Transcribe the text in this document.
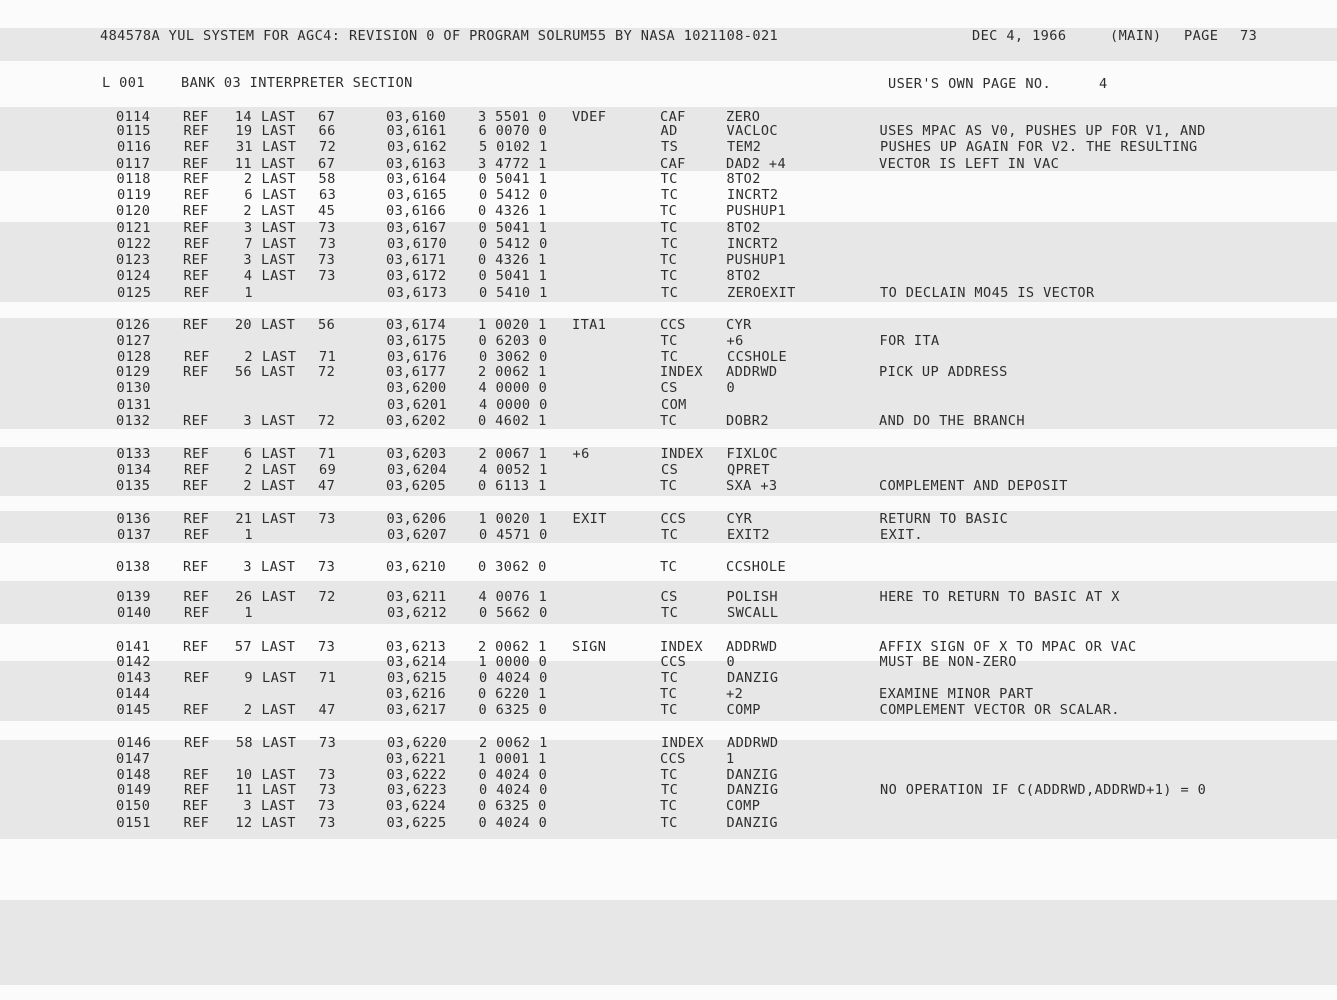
484578A YUL SYSTEM FOR AGC4: REVISION 0 OF PROGRAM SOLRUM55 BY NASA 1021108-021	DEC 4, 1966	(MAIN) PAGE 73
L 001	BANK 03 INTERPRETER SECTION	USER'S OWN PAGE NO.	4
0114 REF	14 LAST 67	03,6160 3 5501 0 VDEF	CAF	ZERO
0115 REF	19 LAST 66	03,6161 6 0070 0	AD	VACLOC	USES MPAC AS V0, PUSHES UP FOR V1, AND
0116 REF	31 LAST 72	03,6162 5 0102 1	TS	TEM2	PUSHES UP AGAIN FOR V2. THE RESULTING
0117 REF	11 LAST 67	03,6163 3 4772 1	CAF	DAD2 +4	VECTOR IS LEFT IN VAC
0118 REF	2 LAST 58	03,6164 0 5041 1	TC	8TO2
0119 REF	6 LAST 63	03,6165 0 5412 0	TC	INCRT2
0120 REF	2 LAST 45	03,6166 0 4326 1	TC	PUSHUP1
0121 REF	3 LAST 73	03,6167 0 5041 1	TC	8TO2
0122 REF	7 LAST 73	03,6170 0 5412 0	TC	INCRT2
0123 REF	3 LAST 73	03,6171 0 4326 1	TC	PUSHUP1
0124 REF	4 LAST 73	03,6172 0 5041 1	TC	8TO2
0125 REF	1	03,6173 0 5410 1	TC	ZEROEXIT	TO DECLAIN MO45 IS VECTOR
0126 REF	20 LAST 56	03,6174 1 0020 1 ITA1	CCS	CYR
0127	03,6175 0 6203 0	TC	+6	FOR ITA
0128 REF	2 LAST 71	03,6176 0 3062 0	TC	CCSHOLE
0129 REF	56 LAST 72	03,6177 2 0062 1	INDEX ADDRWD	PICK UP ADDRESS
0130	03,6200 4 0000 0	CS	0
0131	03,6201 4 0000 0	COM
0132 REF	3 LAST 72	03,6202 0 4602 1	TC	DOBR2	AND DO THE BRANCH
0133 REF	6 LAST 71	03,6203 2 0067 1 +6	INDEX FIXLOC
0134 REF	2 LAST 69	03,6204 4 0052 1	CS	QPRET
0135 REF	2 LAST 47	03,6205 0 6113 1	TC	SXA +3	COMPLEMENT AND DEPOSIT
0136 REF	21 LAST 73	03,6206 1 0020 1 EXIT	CCS	CYR	RETURN TO BASIC
0137 REF	1	03,6207 0 4571 0	TC	EXIT2	EXIT.
0138 REF	3 LAST 73	03,6210 0 3062 0	TC	CCSHOLE
0139 REF	26 LAST 72	03,6211 4 0076 1	CS	POLISH	HERE TO RETURN TO BASIC AT X
0140 REF	1	03,6212 0 5662 0	TC	SWCALL
0141 REF	57 LAST 73	03,6213 2 0062 1 SIGN	INDEX ADDRWD	AFFIX SIGN OF X TO MPAC OR VAC
0142	03,6214 1 0000 0	CCS	0	MUST BE NON-ZERO
0143 REF	9 LAST 71	03,6215 0 4024 0	TC	DANZIG
0144	03,6216 0 6220 1	TC	+2	EXAMINE MINOR PART
0145 REF	2 LAST 47	03,6217 0 6325 0	TC	COMP	COMPLEMENT VECTOR OR SCALAR.
0146 REF	58 LAST 73	03,6220 2 0062 1	INDEX ADDRWD
0147	03,6221 1 0001 1	CCS	1
0148 REF	10 LAST 73	03,6222 0 4024 0	TC	DANZIG
0149 REF	11 LAST 73	03,6223 0 4024 0	TC	DANZIG	NO OPERATION IF C(ADDRWD,ADDRWD+1) = 0
0150 REF	3 LAST 73	03,6224 0 6325 0	TC	COMP
0151 REF	12 LAST 73	03,6225 0 4024 0	TC	DANZIG
